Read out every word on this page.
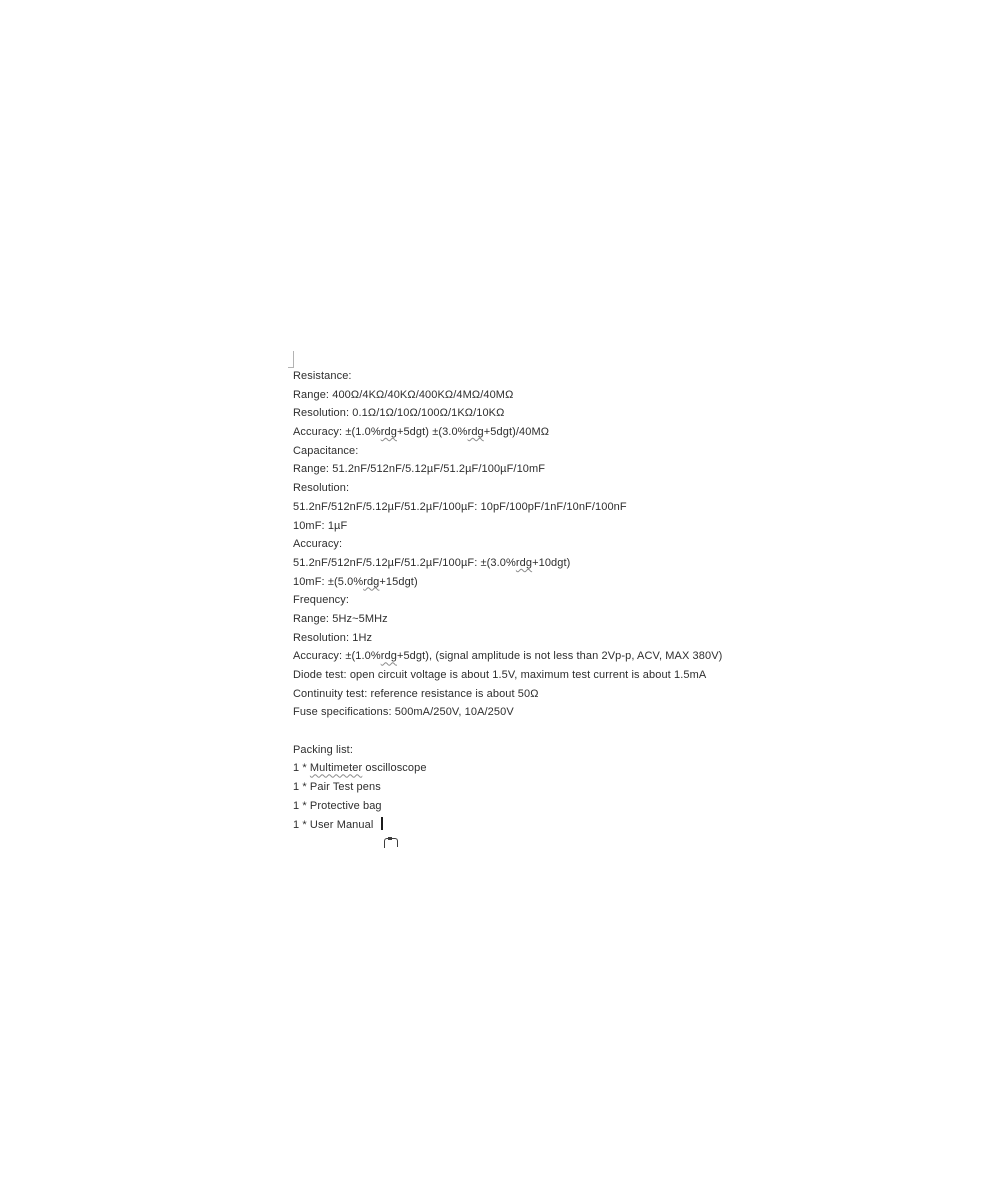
Resistance:
Range: 400Ω/4KΩ/40KΩ/400KΩ/4MΩ/40MΩ
Resolution: 0.1Ω/1Ω/10Ω/100Ω/1KΩ/10KΩ
Accuracy: ±(1.0%rdg+5dgt) ±(3.0%rdg+5dgt)/40MΩ
Capacitance:
Range: 51.2nF/512nF/5.12µF/51.2µF/100µF/10mF
Resolution:
51.2nF/512nF/5.12µF/51.2µF/100µF: 10pF/100pF/1nF/10nF/100nF
10mF: 1µF
Accuracy:
51.2nF/512nF/5.12µF/51.2µF/100µF: ±(3.0%rdg+10dgt)
10mF: ±(5.0%rdg+15dgt)
Frequency:
Range: 5Hz~5MHz
Resolution: 1Hz
Accuracy: ±(1.0%rdg+5dgt), (signal amplitude is not less than 2Vp-p, ACV, MAX 380V)
Diode test: open circuit voltage is about 1.5V, maximum test current is about 1.5mA
Continuity test: reference resistance is about 50Ω
Fuse specifications: 500mA/250V, 10A/250V
Packing list:
1 * Multimeter oscilloscope
1 * Pair Test pens
1 * Protective bag
1 * User Manual
